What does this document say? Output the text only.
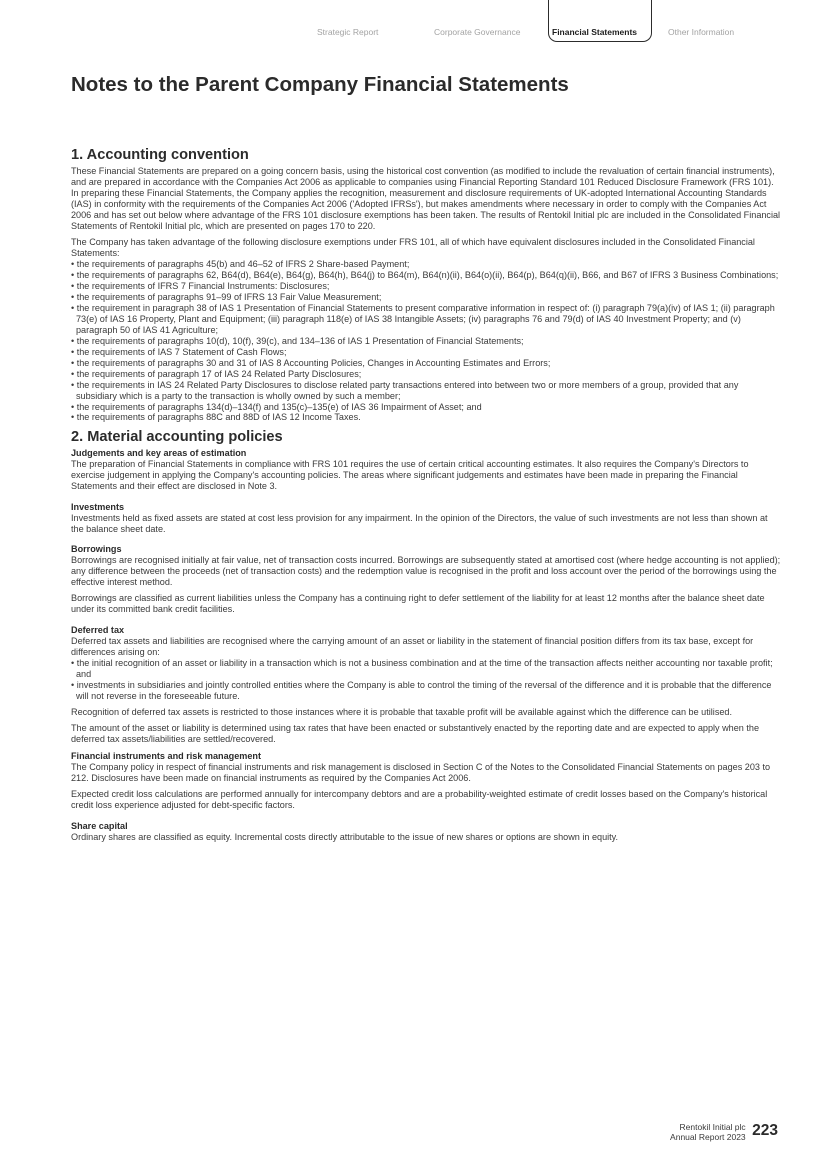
Strategic Report	Corporate Governance	Financial Statements	Other Information
Notes to the Parent Company Financial Statements
1. Accounting convention

These Financial Statements are prepared on a going concern basis, using the historical cost convention (as modified to include the revaluation of certain financial instruments), and are prepared in accordance with the Companies Act 2006 as applicable to companies using Financial Reporting Standard 101 Reduced Disclosure Framework (FRS 101). In preparing these Financial Statements, the Company applies the recognition, measurement and disclosure requirements of UK-adopted International Accounting Standards (IAS) in conformity with the requirements of the Companies Act 2006 ('Adopted IFRSs'), but makes amendments where necessary in order to comply with the Companies Act 2006 and has set out below where advantage of the FRS 101 disclosure exemptions has been taken. The results of Rentokil Initial plc are included in the Consolidated Financial Statements of Rentokil Initial plc, which are presented on pages 170 to 220.

The Company has taken advantage of the following disclosure exemptions under FRS 101, all of which have equivalent disclosures included in the Consolidated Financial Statements:

• the requirements of paragraphs 45(b) and 46–52 of IFRS 2 Share-based Payment;
• the requirements of paragraphs 62, B64(d), B64(e), B64(g), B64(h), B64(j) to B64(m), B64(n)(ii), B64(o)(ii), B64(p), B64(q)(ii), B66, and B67 of IFRS 3 Business Combinations;
• the requirements of IFRS 7 Financial Instruments: Disclosures;
• the requirements of paragraphs 91–99 of IFRS 13 Fair Value Measurement;
• the requirement in paragraph 38 of IAS 1 Presentation of Financial Statements to present comparative information in respect of: (i) paragraph 79(a)(iv) of IAS 1; (ii) paragraph 73(e) of IAS 16 Property, Plant and Equipment; (iii) paragraph 118(e) of IAS 38 Intangible Assets; (iv) paragraphs 76 and 79(d) of IAS 40 Investment Property; and (v) paragraph 50 of IAS 41 Agriculture;
• the requirements of paragraphs 10(d), 10(f), 39(c), and 134–136 of IAS 1 Presentation of Financial Statements;
• the requirements of IAS 7 Statement of Cash Flows;
• the requirements of paragraphs 30 and 31 of IAS 8 Accounting Policies, Changes in Accounting Estimates and Errors;
• the requirements of paragraph 17 of IAS 24 Related Party Disclosures;
• the requirements in IAS 24 Related Party Disclosures to disclose related party transactions entered into between two or more members of a group, provided that any subsidiary which is a party to the transaction is wholly owned by such a member;
• the requirements of paragraphs 134(d)–134(f) and 135(c)–135(e) of IAS 36 Impairment of Asset; and
• the requirements of paragraphs 88C and 88D of IAS 12 Income Taxes.
2. Material accounting policies
Judgements and key areas of estimation

The preparation of Financial Statements in compliance with FRS 101 requires the use of certain critical accounting estimates. It also requires the Company's Directors to exercise judgement in applying the Company's accounting policies. The areas where significant judgements and estimates have been made in preparing the Financial Statements and their effect are disclosed in Note 3.

Investments

Investments held as fixed assets are stated at cost less provision for any impairment. In the opinion of the Directors, the value of such investments are not less than shown at the balance sheet date.

Borrowings

Borrowings are recognised initially at fair value, net of transaction costs incurred. Borrowings are subsequently stated at amortised cost (where hedge accounting is not applied); any difference between the proceeds (net of transaction costs) and the redemption value is recognised in the profit and loss account over the period of the borrowings using the effective interest method.

Borrowings are classified as current liabilities unless the Company has a continuing right to defer settlement of the liability for at least 12 months after the balance sheet date under its committed bank credit facilities.

Deferred tax

Deferred tax assets and liabilities are recognised where the carrying amount of an asset or liability in the statement of financial position differs from its tax base, except for differences arising on:

• the initial recognition of an asset or liability in a transaction which is not a business combination and at the time of the transaction affects neither accounting nor taxable profit; and
• investments in subsidiaries and jointly controlled entities where the Company is able to control the timing of the reversal of the difference and it is probable that the difference will not reverse in the foreseeable future.

Recognition of deferred tax assets is restricted to those instances where it is probable that taxable profit will be available against which the difference can be utilised.

The amount of the asset or liability is determined using tax rates that have been enacted or substantively enacted by the reporting date and are expected to apply when the deferred tax assets/liabilities are settled/recovered.

Financial instruments and risk management

The Company policy in respect of financial instruments and risk management is disclosed in Section C of the Notes to the Consolidated Financial Statements on pages 203 to 212. Disclosures have been made on financial instruments as required by the Companies Act 2006.

Expected credit loss calculations are performed annually for intercompany debtors and are a probability-weighted estimate of credit losses based on the Company's historical credit loss experience adjusted for debt-specific factors.

Share capital

Ordinary shares are classified as equity. Incremental costs directly attributable to the issue of new shares or options are shown in equity.

Rentokil Initial plc
Annual Report 2023 223
